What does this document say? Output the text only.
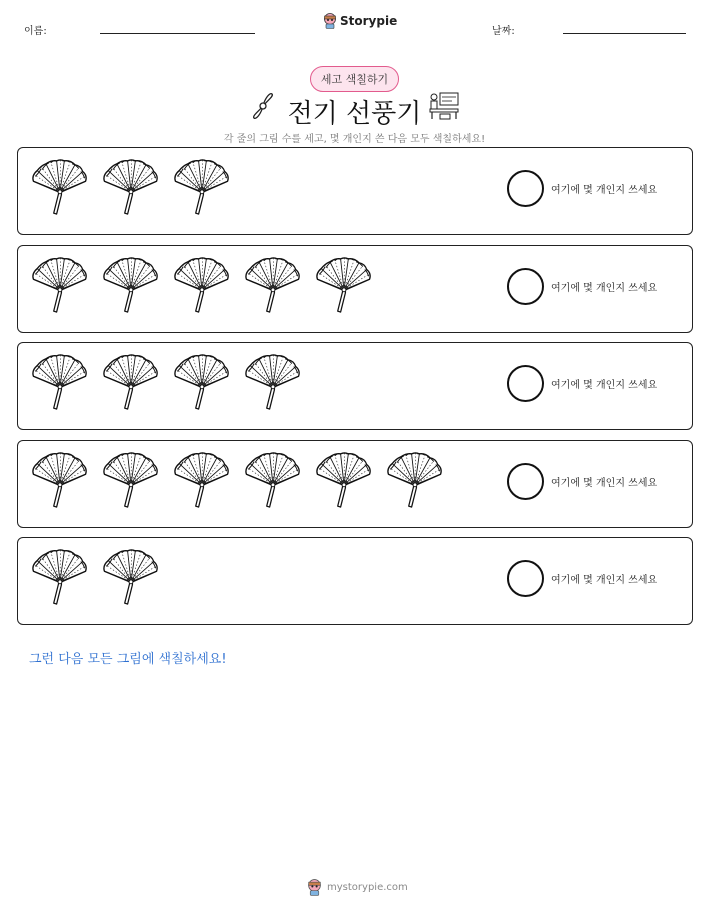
이름:
Storypie
날짜:
세고 색칠하기
전기 선풍기
각 줄의 그림 수를 세고, 몇 개인지 쓴 다음 모두 색칠하세요!
여기에 몇 개인지 쓰세요
여기에 몇 개인지 쓰세요
여기에 몇 개인지 쓰세요
여기에 몇 개인지 쓰세요
여기에 몇 개인지 쓰세요
그런 다음 모든 그림에 색칠하세요!
mystorypie.com
